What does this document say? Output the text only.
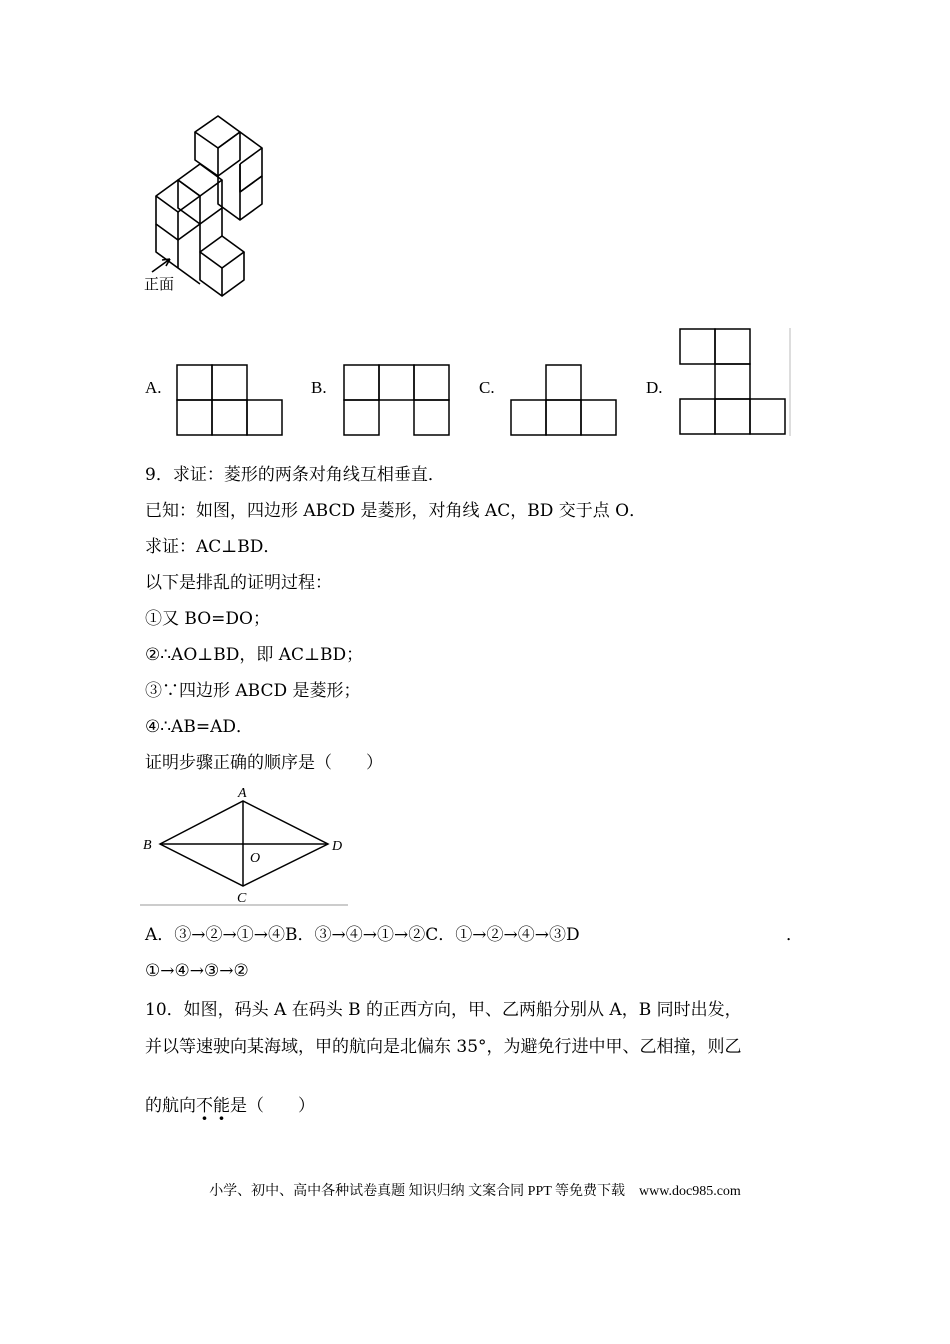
正面
A.	B.	C.	D.
9．求证：菱形的两条对角线互相垂直．
已知：如图，四边形 ABCD 是菱形，对角线 AC，BD 交于点 O．
求证：AC⊥BD．
以下是排乱的证明过程：
①又 BO=DO；
②∴AO⊥BD，即 AC⊥BD；
③∵四边形 ABCD 是菱形；
④∴AB=AD．
证明步骤正确的顺序是（　　）
A
B	D
O
C
A．③→②→①→④B．③→④→①→②C．①→②→④→③D	．
①→④→③→②
10．如图，码头 A 在码头 B 的正西方向，甲、乙两船分别从 A，B 同时出发，
并以等速驶向某海域，甲的航向是北偏东 35°，为避免行进中甲、乙相撞，则乙
的航向不能是（　　）
小学、初中、高中各种试卷真题 知识归纳 文案合同 PPT 等免费下载　www.doc985.com
